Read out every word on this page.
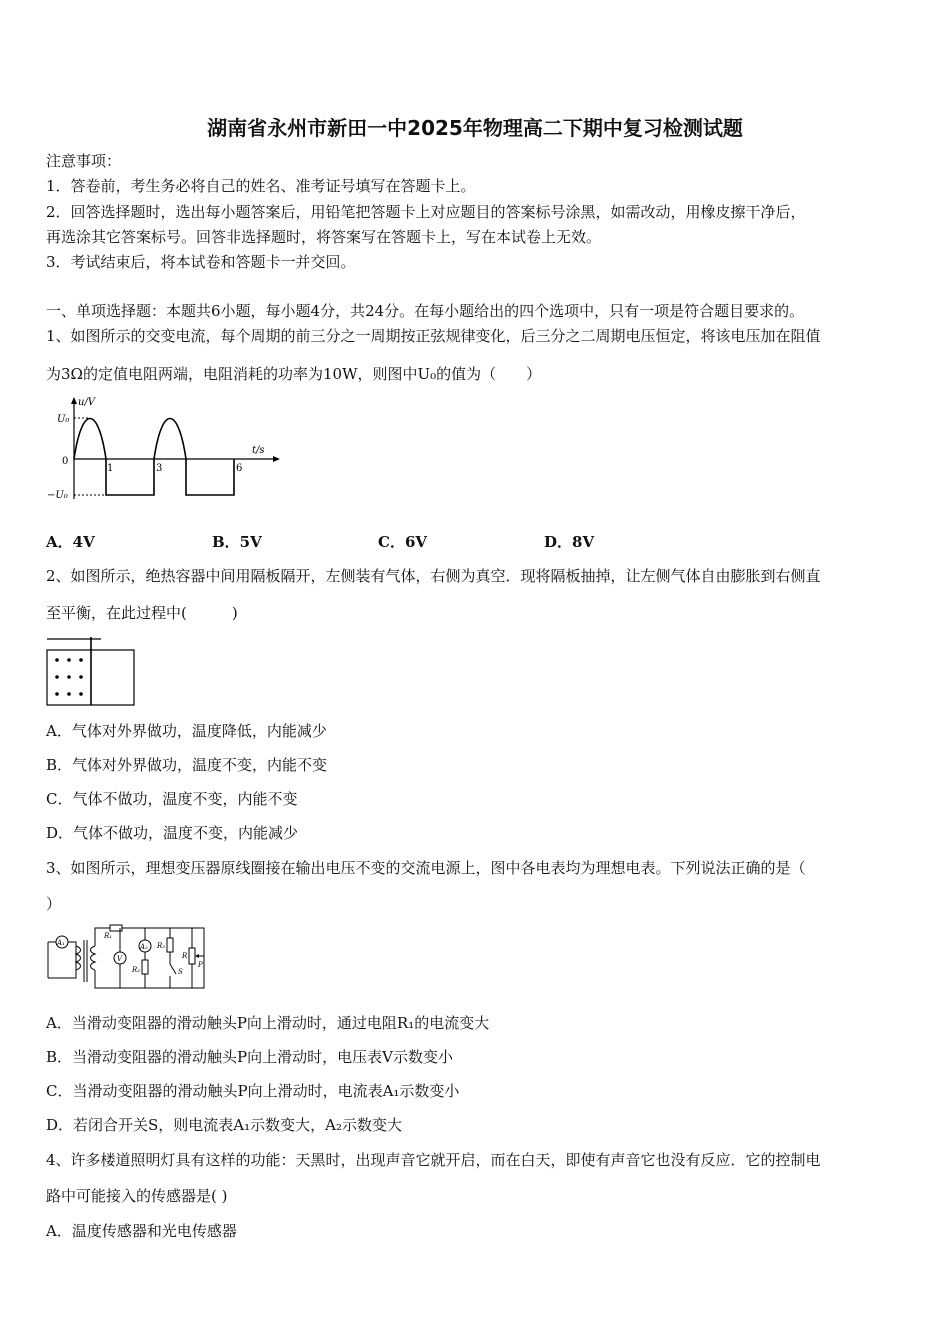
湖南省永州市新田一中2025年物理高二下期中复习检测试题
注意事项：
1．答卷前，考生务必将自己的姓名、准考证号填写在答题卡上。
2．回答选择题时，选出每小题答案后，用铅笔把答题卡上对应题目的答案标号涂黑，如需改动，用橡皮擦干净后，
再选涂其它答案标号。回答非选择题时，将答案写在答题卡上，写在本试卷上无效。
3．考试结束后，将本试卷和答题卡一并交回。
一、单项选择题：本题共6小题，每小题4分，共24分。在每小题给出的四个选项中，只有一项是符合题目要求的。
1、如图所示的交变电流，每个周期的前三分之一周期按正弦规律变化，后三分之二周期电压恒定，将该电压加在阻值
为3Ω的定值电阻两端，电阻消耗的功率为10W，则图中U₀的值为（　　）
u/V
t/s
U₀
−U₀
0
1	3	6
A．4V	B．5V	C．6V	D．8V
2、如图所示，绝热容器中间用隔板隔开，左侧装有气体，右侧为真空．现将隔板抽掉，让左侧气体自由膨胀到右侧直
至平衡，在此过程中(　　　)
A．气体对外界做功，温度降低，内能减少
B．气体对外界做功，温度不变，内能不变
C．气体不做功，温度不变，内能不变
D．气体不做功，温度不变，内能减少
3、如图所示，理想变压器原线圈接在输出电压不变的交流电源上，图中各电表均为理想电表。下列说法正确的是（
）
A₁
R₁
V
A₂
R₂
R₃
R
P
S
A．当滑动变阻器的滑动触头P向上滑动时，通过电阻R₁的电流变大
B．当滑动变阻器的滑动触头P向上滑动时，电压表V示数变小
C．当滑动变阻器的滑动触头P向上滑动时，电流表A₁示数变小
D．若闭合开关S，则电流表A₁示数变大，A₂示数变大
4、许多楼道照明灯具有这样的功能：天黑时，出现声音它就开启，而在白天，即使有声音它也没有反应．它的控制电
路中可能接入的传感器是( )
A．温度传感器和光电传感器
